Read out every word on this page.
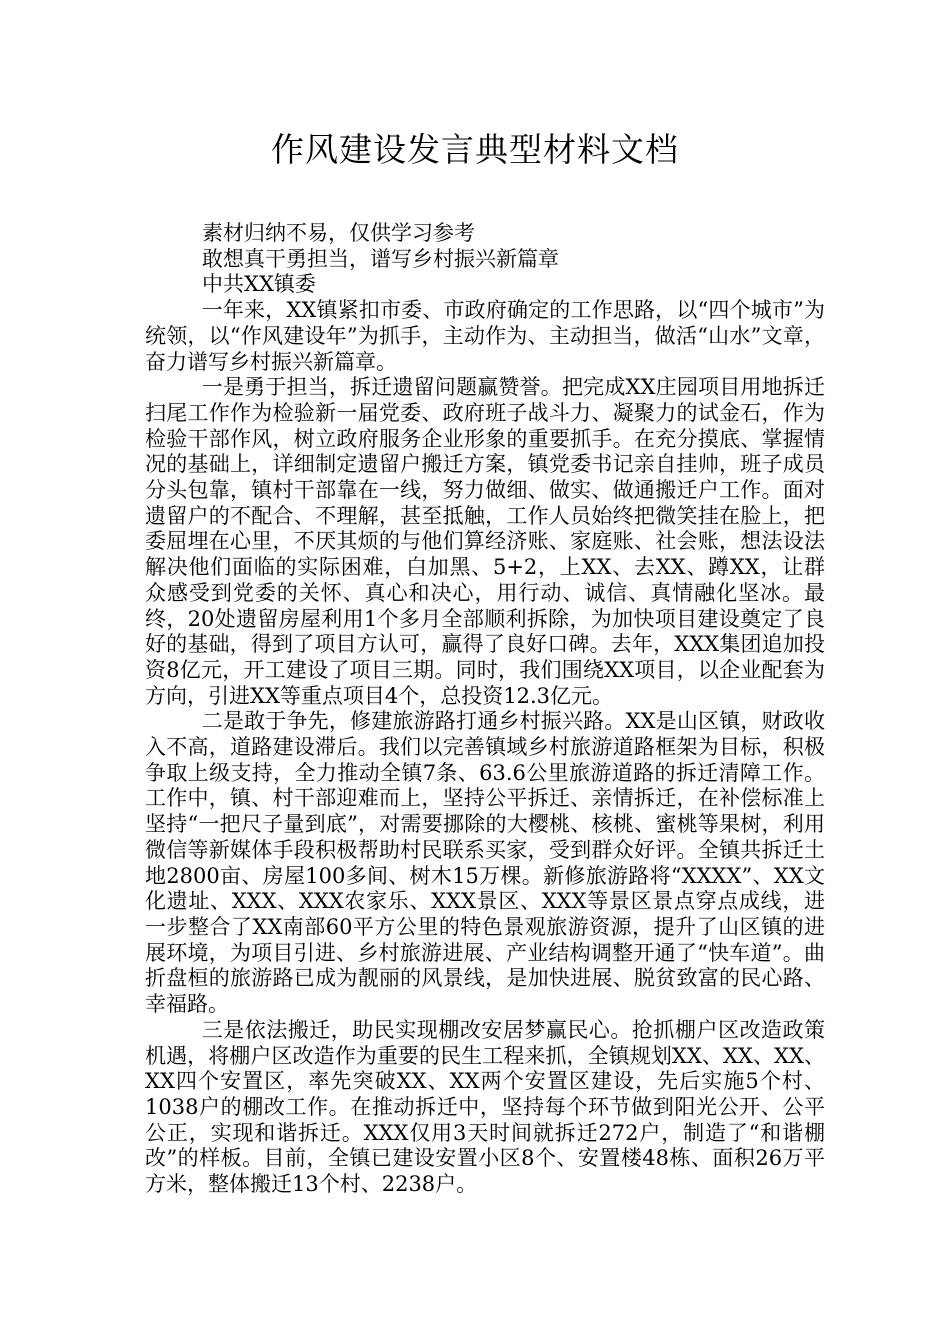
作风建设发言典型材料文档

素材归纳不易，仅供学习参考

敢想真干勇担当，谱写乡村振兴新篇章

中共XX镇委

一年来，XX镇紧扣市委、市政府确定的工作思路，以“四个城市”为统领，以“作风建设年”为抓手，主动作为、主动担当，做活“山水”文章，奋力谱写乡村振兴新篇章。

一是勇于担当，拆迁遗留问题赢赞誉。把完成XX庄园项目用地拆迁扫尾工作作为检验新一届党委、政府班子战斗力、凝聚力的试金石，作为检验干部作风，树立政府服务企业形象的重要抓手。在充分摸底、掌握情况的基础上，详细制定遗留户搬迁方案，镇党委书记亲自挂帅，班子成员分头包靠，镇村干部靠在一线，努力做细、做实、做通搬迁户工作。面对遗留户的不配合、不理解，甚至抵触，工作人员始终把微笑挂在脸上，把委屈埋在心里，不厌其烦的与他们算经济账、家庭账、社会账，想法设法解决他们面临的实际困难，白加黑、5+2，上XX、去XX、蹲XX，让群众感受到党委的关怀、真心和决心，用行动、诚信、真情融化坚冰。最终，20处遗留房屋利用1个多月全部顺利拆除，为加快项目建设奠定了良好的基础，得到了项目方认可，赢得了良好口碑。去年，XXX集团追加投资8亿元，开工建设了项目三期。同时，我们围绕XX项目，以企业配套为方向，引进XX等重点项目4个，总投资12.3亿元。

二是敢于争先，修建旅游路打通乡村振兴路。XX是山区镇，财政收入不高，道路建设滞后。我们以完善镇域乡村旅游道路框架为目标，积极争取上级支持，全力推动全镇7条、63.6公里旅游道路的拆迁清障工作。工作中，镇、村干部迎难而上，坚持公平拆迁、亲情拆迁，在补偿标准上坚持“一把尺子量到底”，对需要挪除的大樱桃、核桃、蜜桃等果树，利用微信等新媒体手段积极帮助村民联系买家，受到群众好评。全镇共拆迁土地2800亩、房屋100多间、树木15万棵。新修旅游路将“XXXX”、XX文化遗址、XXX、XXX农家乐、XXX景区、XXX等景区景点穿点成线，进一步整合了XX南部60平方公里的特色景观旅游资源，提升了山区镇的进展环境，为项目引进、乡村旅游进展、产业结构调整开通了“快车道”。曲折盘桓的旅游路已成为靓丽的风景线，是加快进展、脱贫致富的民心路、幸福路。

三是依法搬迁，助民实现棚改安居梦赢民心。抢抓棚户区改造政策机遇，将棚户区改造作为重要的民生工程来抓，全镇规划XX、XX、XX、XX四个安置区，率先突破XX、XX两个安置区建设，先后实施5个村、1038户的棚改工作。在推动拆迁中，坚持每个环节做到阳光公开、公平公正，实现和谐拆迁。XXX仅用3天时间就拆迁272户，制造了“和谐棚改”的样板。目前，全镇已建设安置小区8个、安置楼48栋、面积26万平方米，整体搬迁13个村、2238户。
